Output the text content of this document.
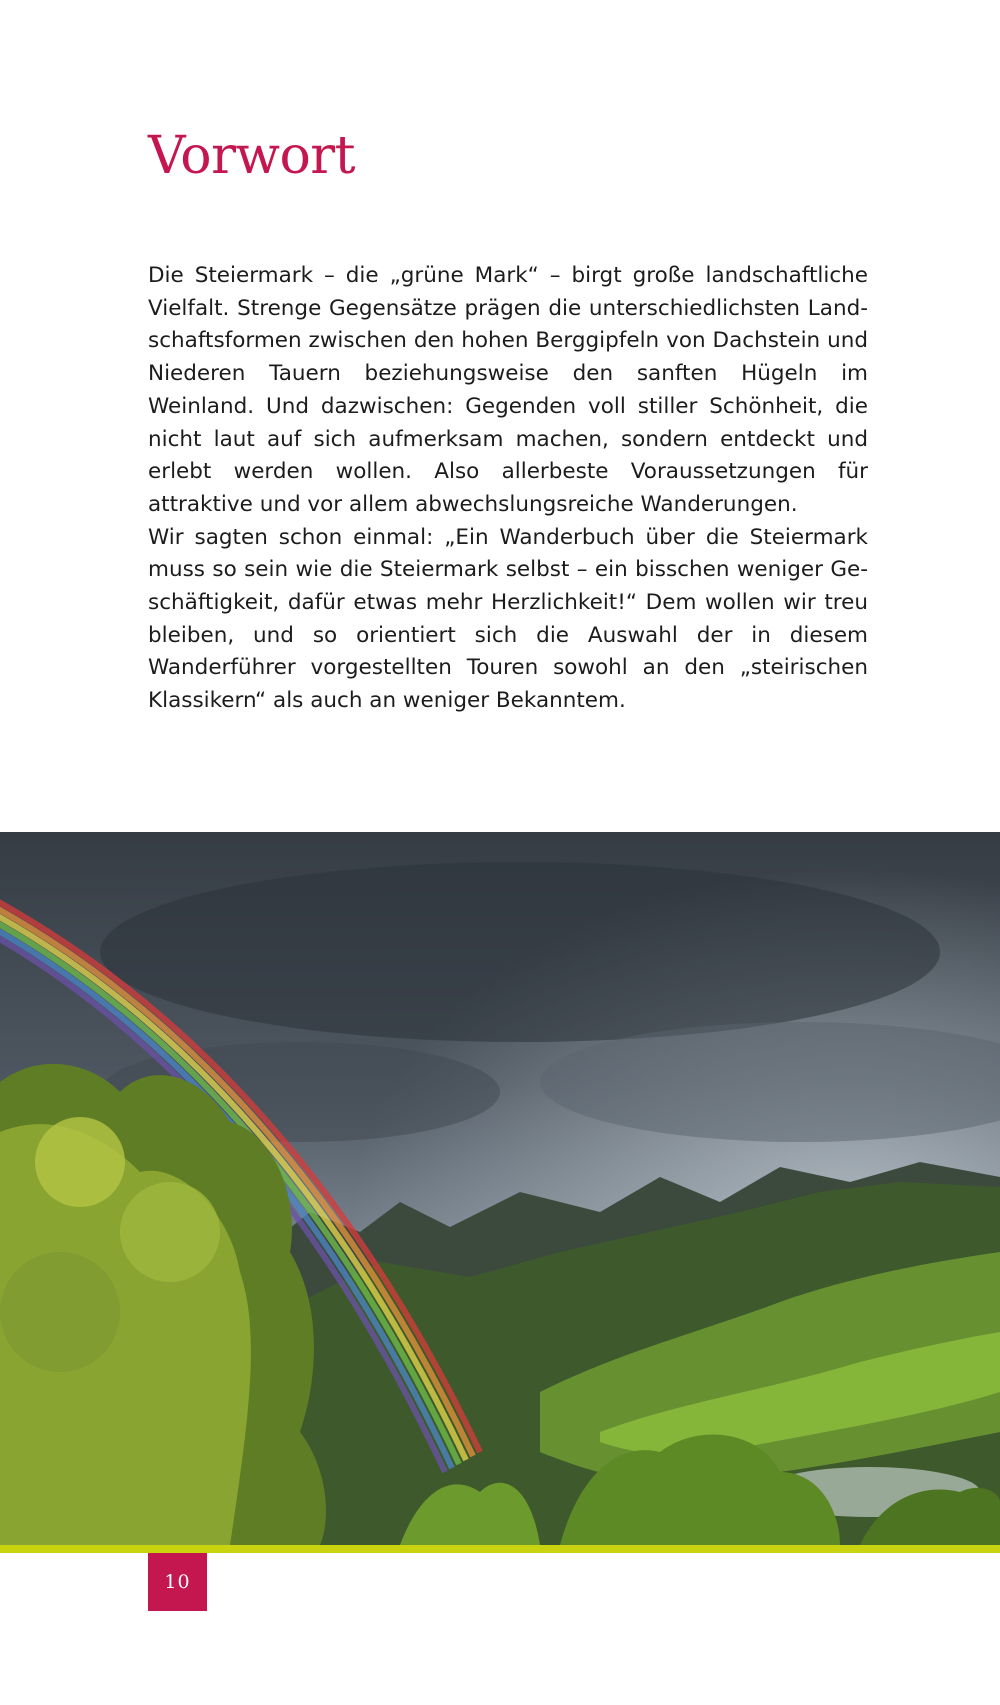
Vorwort

Die Steiermark – die „grüne Mark“ – birgt große landschaftliche Vielfalt. Strenge Gegensätze prägen die unterschiedlichsten Landschaftsformen zwischen den hohen Berggipfeln von Dachstein und Niederen Tauern beziehungsweise den sanften Hügeln im Weinland. Und dazwischen: Gegenden voll stiller Schönheit, die nicht laut auf sich aufmerksam machen, sondern entdeckt und erlebt werden wollen. Also allerbeste Voraussetzungen für attraktive und vor allem abwechslungsreiche Wanderungen.

Wir sagten schon einmal: „Ein Wanderbuch über die Steiermark muss so sein wie die Steiermark selbst – ein bisschen weniger Geschäftigkeit, dafür etwas mehr Herzlichkeit!“ Dem wollen wir treu bleiben, und so orientiert sich die Auswahl der in diesem Wanderführer vorgestellten Touren sowohl an den „steirischen Klassikern“ als auch an weniger Bekanntem.

10
